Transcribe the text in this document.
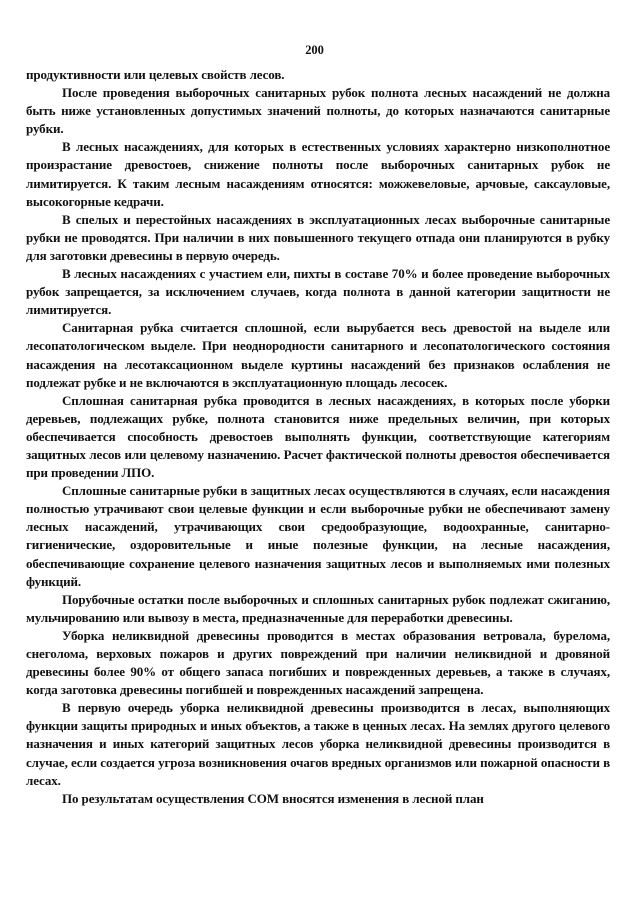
200

продуктивности или целевых свойств лесов.

После проведения выборочных санитарных рубок полнота лесных насаждений не должна быть ниже установленных допустимых значений полноты, до которых назначаются санитарные рубки.

В лесных насаждениях, для которых в естественных условиях характерно низкополнотное произрастание древостоев, снижение полноты после выборочных санитарных рубок не лимитируется. К таким лесным насаждениям относятся: можжевеловые, арчовые, саксауловые, высокогорные кедрачи.

В спелых и перестойных насаждениях в эксплуатационных лесах выборочные санитарные рубки не проводятся. При наличии в них повышенного текущего отпада они планируются в рубку для заготовки древесины в первую очередь.

В лесных насаждениях с участием ели, пихты в составе 70% и более проведение выборочных рубок запрещается, за исключением случаев, когда полнота в данной категории защитности не лимитируется.

Санитарная рубка считается сплошной, если вырубается весь древостой на выделе или лесопатологическом выделе. При неоднородности санитарного и лесопатологического состояния насаждения на лесотаксационном выделе куртины насаждений без признаков ослабления не подлежат рубке и не включаются в эксплуатационную площадь лесосек.

Сплошная санитарная рубка проводится в лесных насаждениях, в которых после уборки деревьев, подлежащих рубке, полнота становится ниже предельных величин, при которых обеспечивается способность древостоев выполнять функции, соответствующие категориям защитных лесов или целевому назначению. Расчет фактической полноты древостоя обеспечивается при проведении ЛПО.

Сплошные санитарные рубки в защитных лесах осуществляются в случаях, если насаждения полностью утрачивают свои целевые функции и если выборочные рубки не обеспечивают замену лесных насаждений, утрачивающих свои средообразующие, водоохранные, санитарно-гигиенические, оздоровительные и иные полезные функции, на лесные насаждения, обеспечивающие сохранение целевого назначения защитных лесов и выполняемых ими полезных функций.

Порубочные остатки после выборочных и сплошных санитарных рубок подлежат сжиганию, мульчированию или вывозу в места, предназначенные для переработки древесины.

Уборка неликвидной древесины проводится в местах образования ветровала, бурелома, снеголома, верховых пожаров и других повреждений при наличии неликвидной и дровяной древесины более 90% от общего запаса погибших и поврежденных деревьев, а также в случаях, когда заготовка древесины погибшей и поврежденных насаждений запрещена.

В первую очередь уборка неликвидной древесины производится в лесах, выполняющих функции защиты природных и иных объектов, а также в ценных лесах. На землях другого целевого назначения и иных категорий защитных лесов уборка неликвидной древесины производится в случае, если создается угроза возникновения очагов вредных организмов или пожарной опасности в лесах.

По результатам осуществления СОМ вносятся изменения в лесной план
